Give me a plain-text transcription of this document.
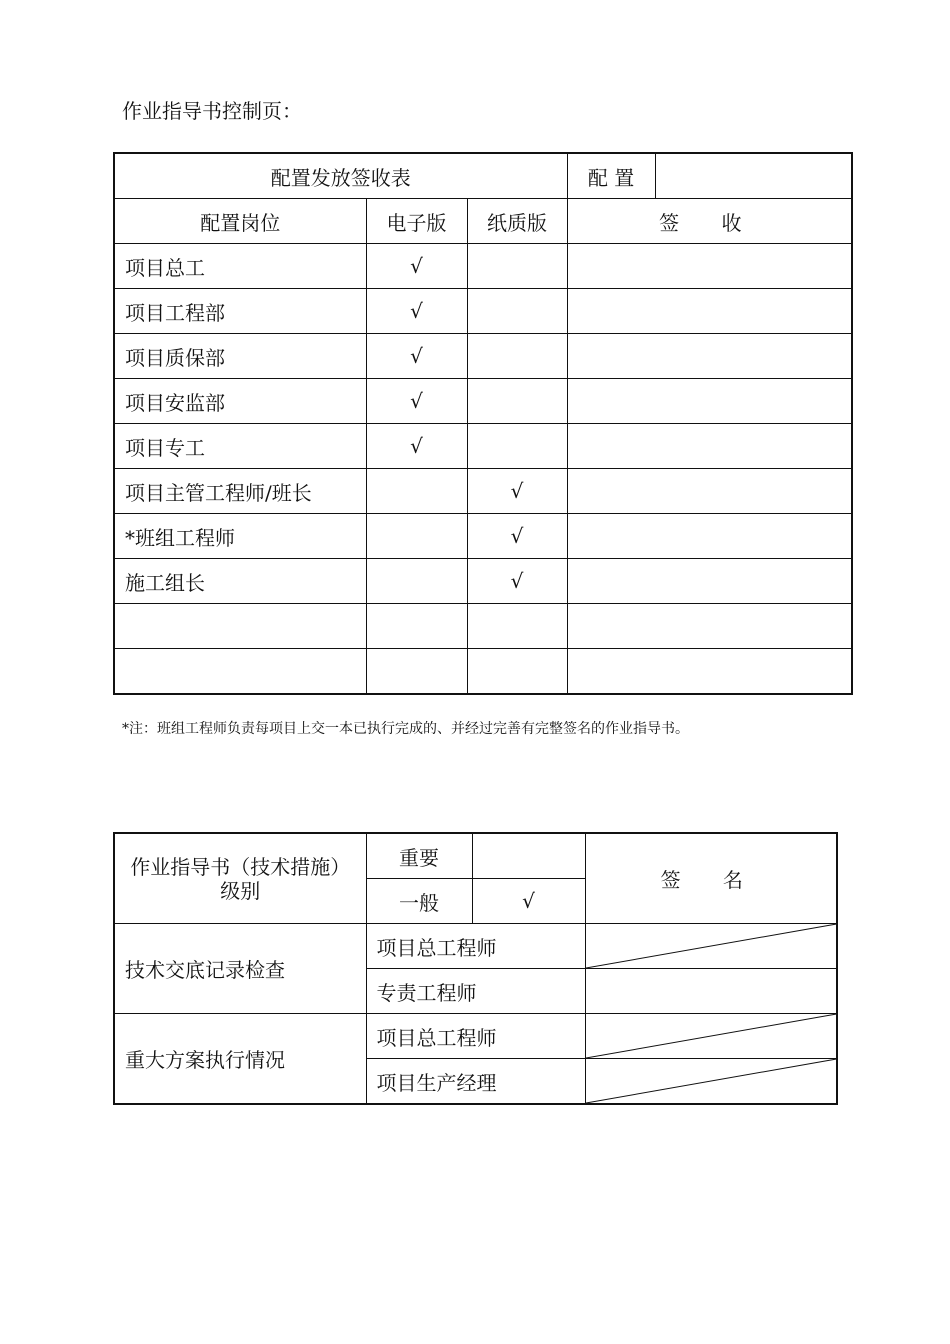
作业指导书控制页：
配置发放签收表			配 置	
配置岗位	电子版	纸质版	签 收	
项目总工	√			
项目工程部	√			
项目质保部	√			
项目安监部	√			
项目专工	√			
项目主管工程师/班长		√		
*班组工程师		√		
施工组长		√		

*注：班组工程师负责每项目上交一本已执行完成的、并经过完善有完整签名的作业指导书。
作业指导书（技术措施）级别	重要		签 名
	一般	√	
技术交底记录检查	项目总工程师	

	专责工程师		
重大方案执行情况	项目总工程师	

	项目生产经理	
